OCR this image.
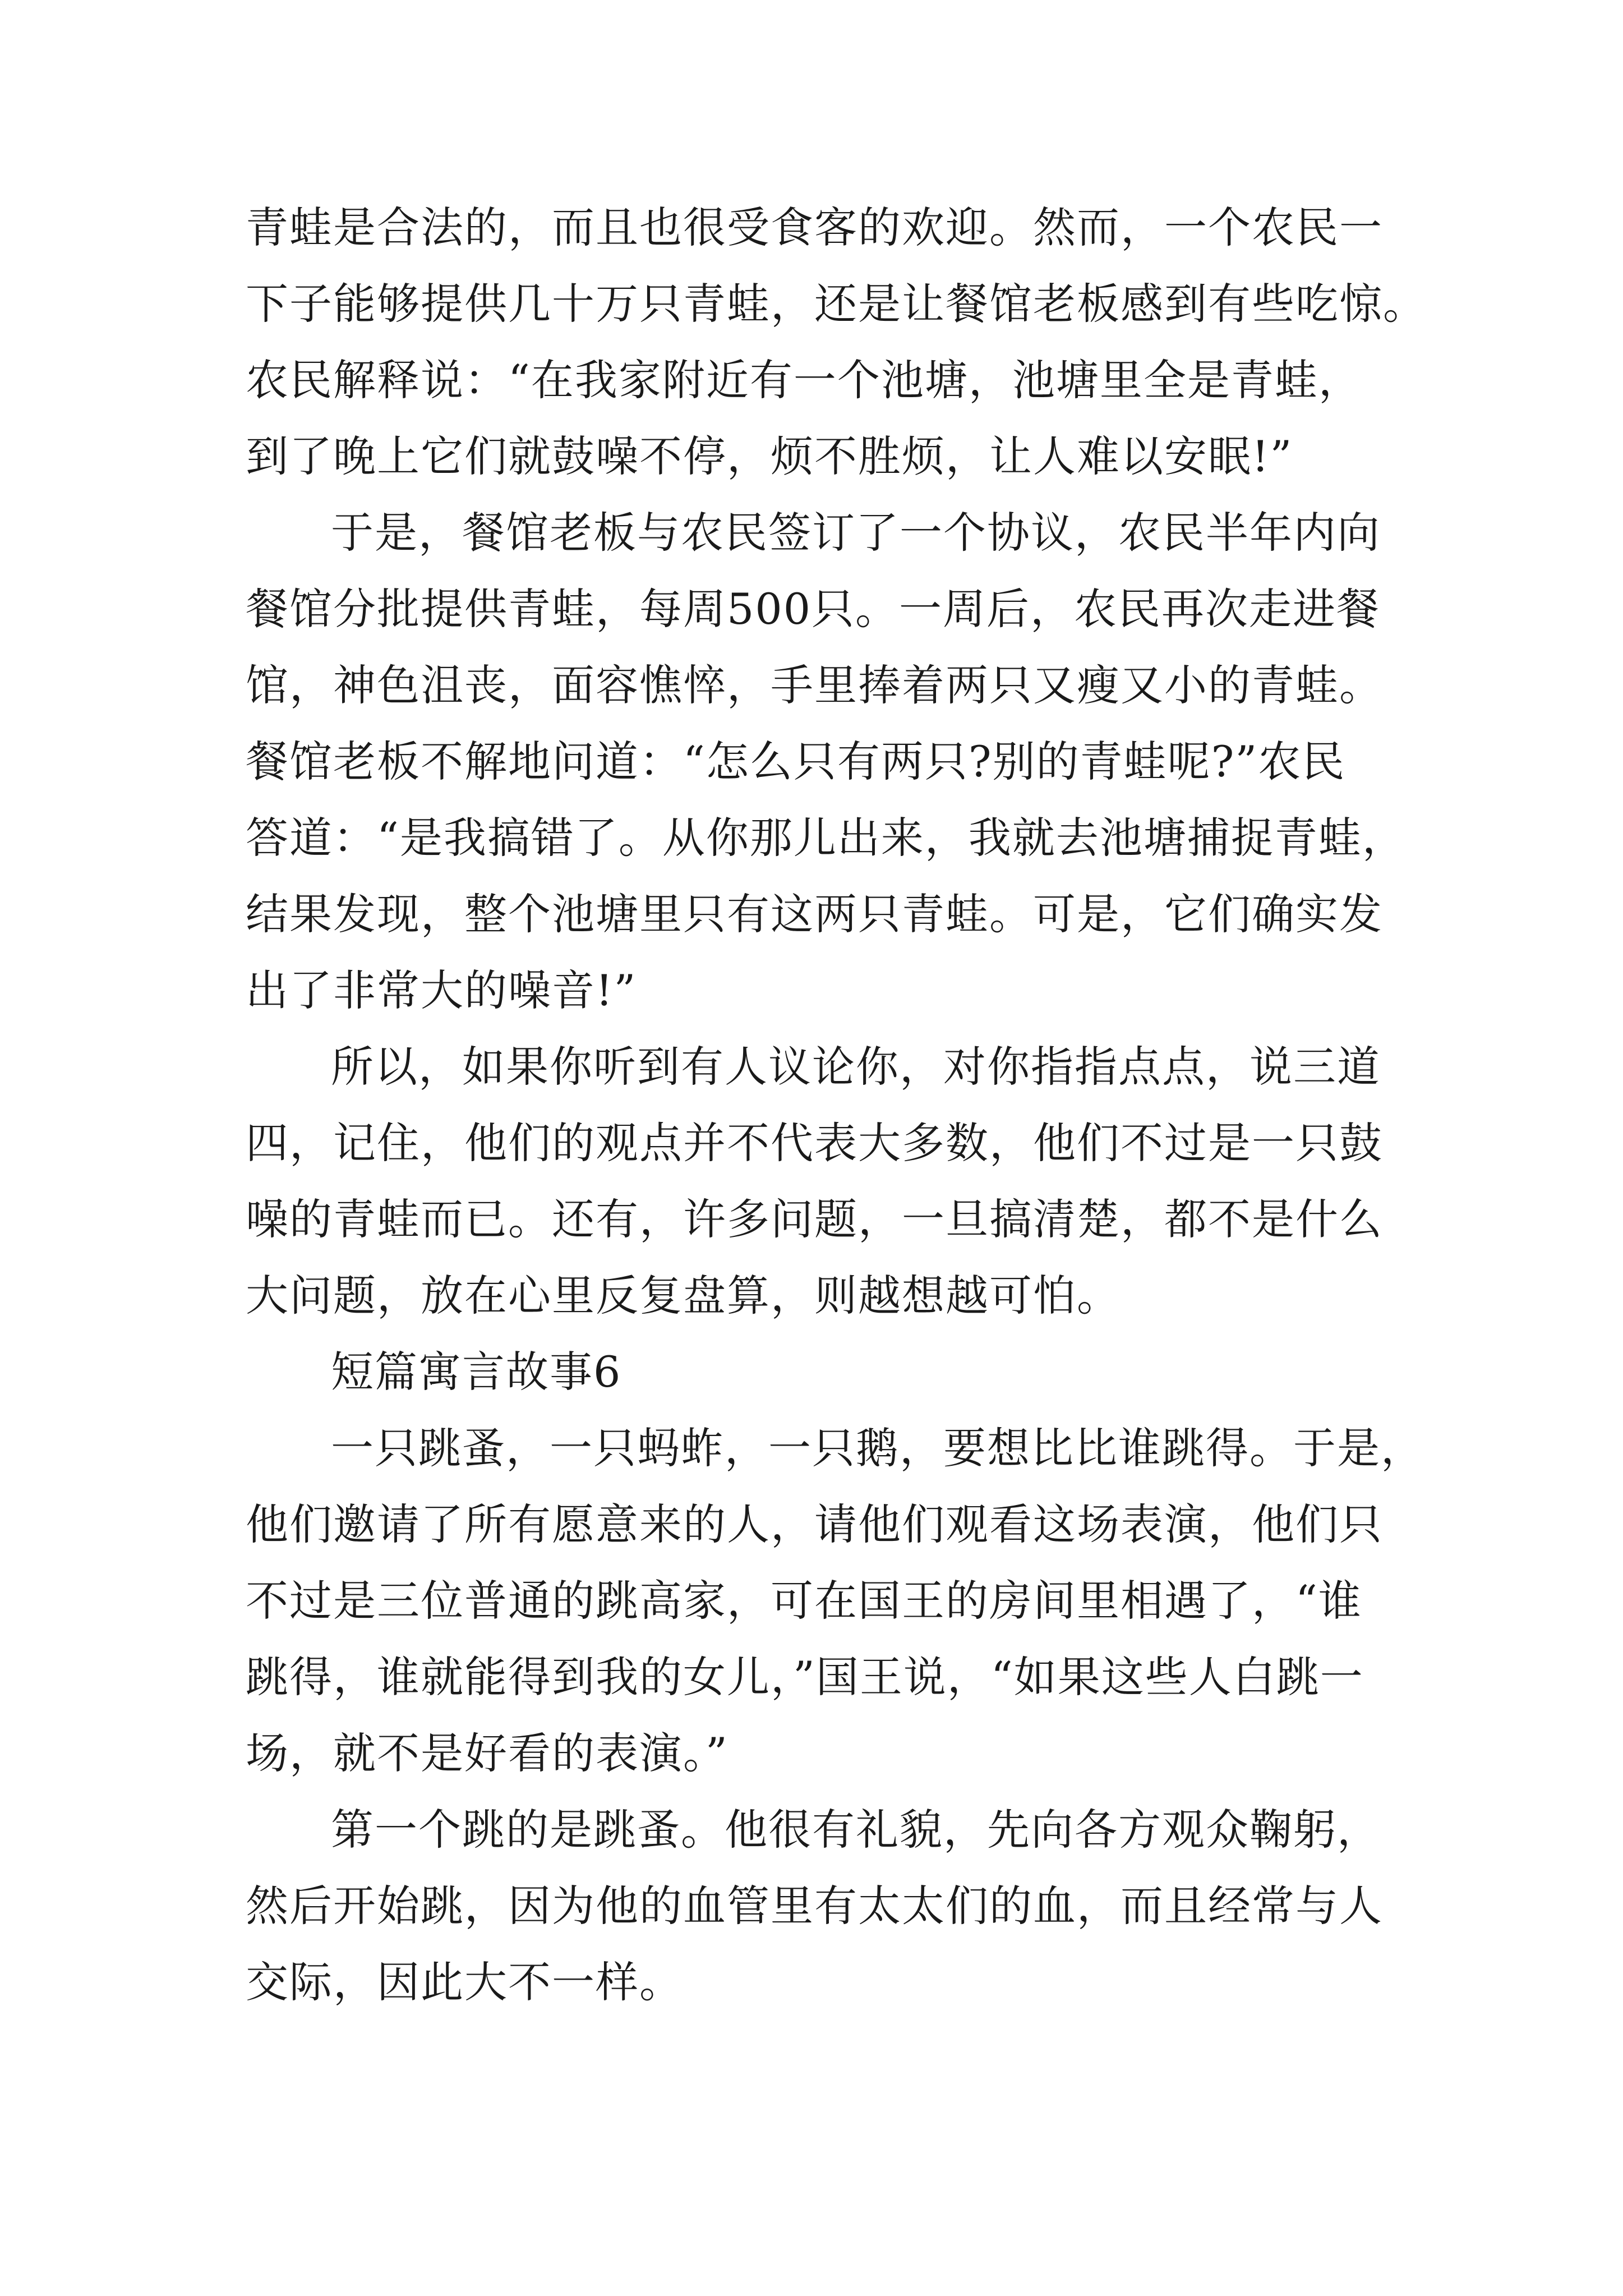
青蛙是合法的，而且也很受食客的欢迎。然而，一个农民一
下子能够提供几十万只青蛙，还是让餐馆老板感到有些吃惊。
农民解释说：“在我家附近有一个池塘，池塘里全是青蛙，
到了晚上它们就鼓噪不停，烦不胜烦，让人难以安眠!”
于是，餐馆老板与农民签订了一个协议，农民半年内向
餐馆分批提供青蛙，每周500只。一周后，农民再次走进餐
馆，神色沮丧，面容憔悴，手里捧着两只又瘦又小的青蛙。
餐馆老板不解地问道：“怎么只有两只?别的青蛙呢?”农民
答道：“是我搞错了。从你那儿出来，我就去池塘捕捉青蛙，
结果发现，整个池塘里只有这两只青蛙。可是，它们确实发
出了非常大的噪音!”
所以，如果你听到有人议论你，对你指指点点，说三道
四，记住，他们的观点并不代表大多数，他们不过是一只鼓
噪的青蛙而已。还有，许多问题，一旦搞清楚，都不是什么
大问题，放在心里反复盘算，则越想越可怕。
短篇寓言故事6
一只跳蚤，一只蚂蚱，一只鹅，要想比比谁跳得。于是，
他们邀请了所有愿意来的人，请他们观看这场表演，他们只
不过是三位普通的跳高家，可在国王的房间里相遇了，“谁
跳得，谁就能得到我的女儿，”国王说，“如果这些人白跳一
场，就不是好看的表演。”
第一个跳的是跳蚤。他很有礼貌，先向各方观众鞠躬，
然后开始跳，因为他的血管里有太太们的血，而且经常与人
交际，因此大不一样。
